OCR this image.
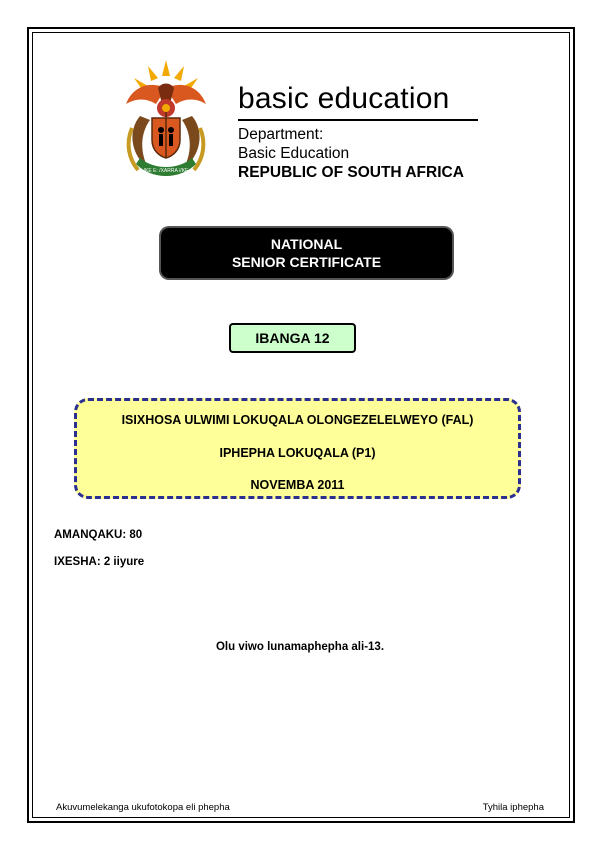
!KE E: /XARRA //KE
basic education
Department:
Basic Education
REPUBLIC OF SOUTH AFRICA
NATIONAL
SENIOR CERTIFICATE
IBANGA 12
ISIXHOSA ULWIMI LOKUQALA OLONGEZELELWEYO (FAL)
IPHEPHA LOKUQALA (P1)
NOVEMBA 2011
AMANQAKU: 80
IXESHA: 2 iiyure
Olu viwo lunamaphepha ali-13.
Akuvumelekanga ukufotokopa eli phepha	Tyhila iphepha
